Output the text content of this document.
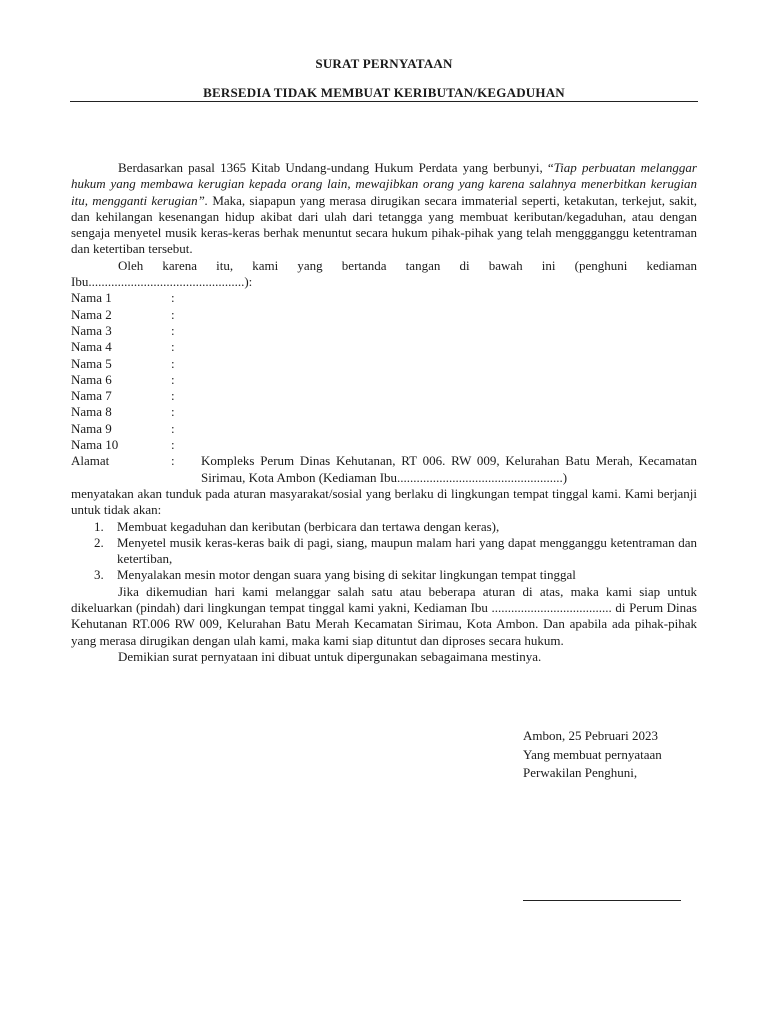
SURAT PERNYATAAN
BERSEDIA TIDAK MEMBUAT KERIBUTAN/KEGADUHAN

Berdasarkan pasal 1365 Kitab Undang-undang Hukum Perdata yang berbunyi, “Tiap perbuatan melanggar hukum yang membawa kerugian kepada orang lain, mewajibkan orang yang karena salahnya menerbitkan kerugian itu, mengganti kerugian”. Maka, siapapun yang merasa dirugikan secara immaterial seperti, ketakutan, terkejut, sakit, dan kehilangan kesenangan hidup akibat dari ulah dari tetangga yang membuat keributan/kegaduhan, atau dengan sengaja menyetel musik keras-keras berhak menuntut secara hukum pihak-pihak yang telah menggganggu ketentraman dan ketertiban tersebut.

Oleh karena itu, kami yang bertanda tangan di bawah ini (penghuni kediaman Ibu................................................):

Nama 1	:
Nama 2	:
Nama 3	:
Nama 4	:
Nama 5	:
Nama 6	:
Nama 7	:
Nama 8	:
Nama 9	:
Nama 10	:
Alamat	:	Kompleks Perum Dinas Kehutanan, RT 006. RW 009, Kelurahan Batu Merah, Kecamatan Sirimau, Kota Ambon (Kediaman Ibu...................................................)

menyatakan akan tunduk pada aturan masyarakat/sosial yang berlaku di lingkungan tempat tinggal kami. Kami berjanji untuk tidak akan:

1.	Membuat kegaduhan dan keributan (berbicara dan tertawa dengan keras),
2.	Menyetel musik keras-keras baik di pagi, siang, maupun malam hari yang dapat mengganggu ketentraman dan ketertiban,
3.	Menyalakan mesin motor dengan suara yang bising di sekitar lingkungan tempat tinggal

Jika dikemudian hari kami melanggar salah satu atau beberapa aturan di atas, maka kami siap untuk dikeluarkan (pindah) dari lingkungan tempat tinggal kami yakni, Kediaman Ibu ..................................... di Perum Dinas Kehutanan RT.006 RW 009, Kelurahan Batu Merah Kecamatan Sirimau, Kota Ambon. Dan apabila ada pihak-pihak yang merasa dirugikan dengan ulah kami, maka kami siap dituntut dan diproses secara hukum.

Demikian surat pernyataan ini dibuat untuk dipergunakan sebagaimana mestinya.

Ambon, 25 Pebruari 2023
Yang membuat pernyataan
Perwakilan Penghuni,
